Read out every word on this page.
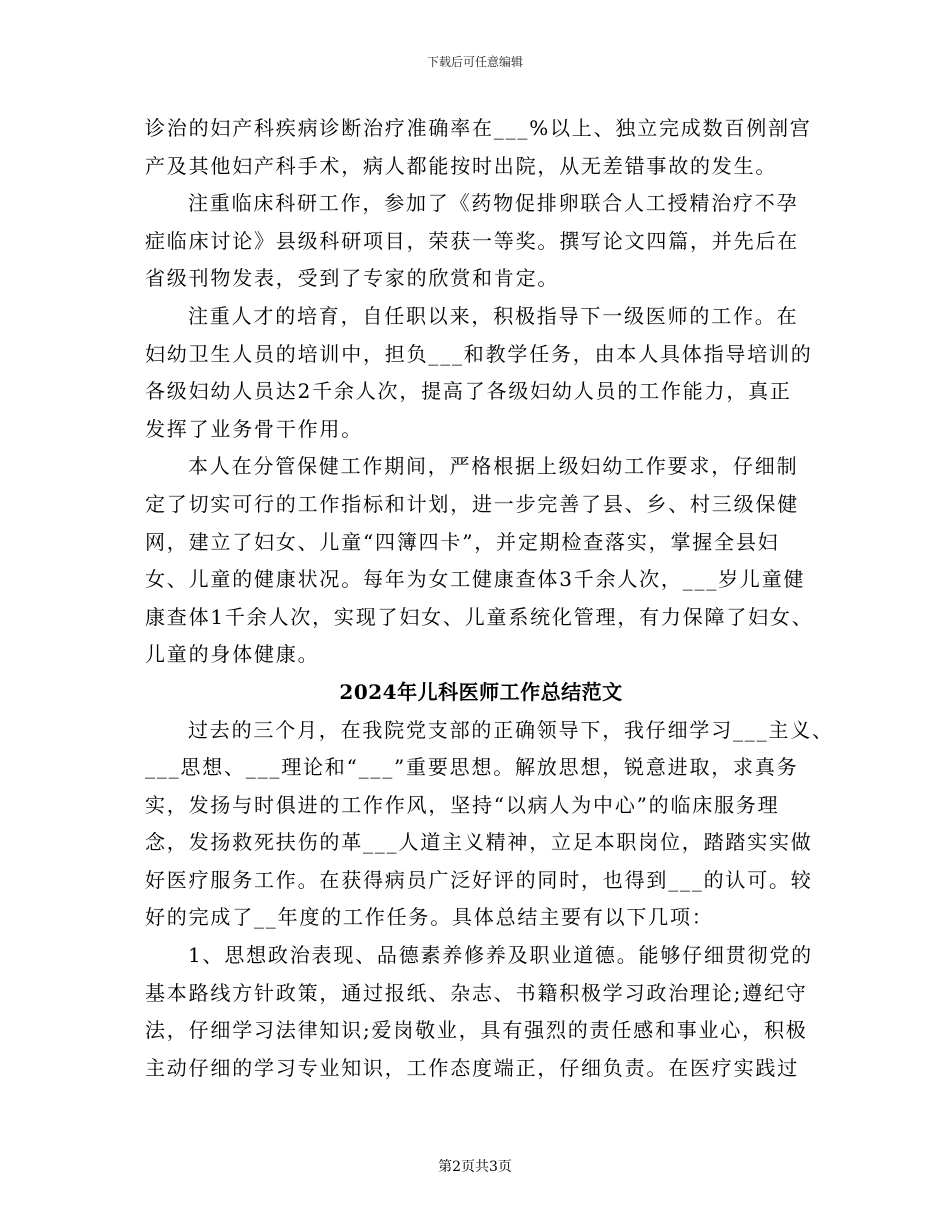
下载后可任意编辑
诊治的妇产科疾病诊断治疗准确率在___%以上、独立完成数百例剖宫
产及其他妇产科手术，病人都能按时出院，从无差错事故的发生。
注重临床科研工作，参加了《药物促排卵联合人工授精治疗不孕
症临床讨论》县级科研项目，荣获一等奖。撰写论文四篇，并先后在
省级刊物发表，受到了专家的欣赏和肯定。
注重人才的培育，自任职以来，积极指导下一级医师的工作。在
妇幼卫生人员的培训中，担负___和教学任务，由本人具体指导培训的
各级妇幼人员达2千余人次，提高了各级妇幼人员的工作能力，真正
发挥了业务骨干作用。
本人在分管保健工作期间，严格根据上级妇幼工作要求，仔细制
定了切实可行的工作指标和计划，进一步完善了县、乡、村三级保健
网，建立了妇女、儿童“四簿四卡”，并定期检查落实，掌握全县妇
女、儿童的健康状况。每年为女工健康查体3千余人次，___岁儿童健
康查体1千余人次，实现了妇女、儿童系统化管理，有力保障了妇女、
儿童的身体健康。
2024年儿科医师工作总结范文
过去的三个月，在我院党支部的正确领导下，我仔细学习___主义、
___思想、___理论和“___”重要思想。解放思想，锐意进取，求真务
实，发扬与时俱进的工作作风，坚持“以病人为中心”的临床服务理
念，发扬救死扶伤的革___人道主义精神，立足本职岗位，踏踏实实做
好医疗服务工作。在获得病员广泛好评的同时，也得到___的认可。较
好的完成了__年度的工作任务。具体总结主要有以下几项：
1、思想政治表现、品德素养修养及职业道德。能够仔细贯彻党的
基本路线方针政策，通过报纸、杂志、书籍积极学习政治理论;遵纪守
法，仔细学习法律知识;爱岗敬业，具有强烈的责任感和事业心，积极
主动仔细的学习专业知识，工作态度端正，仔细负责。在医疗实践过
第2页共3页
